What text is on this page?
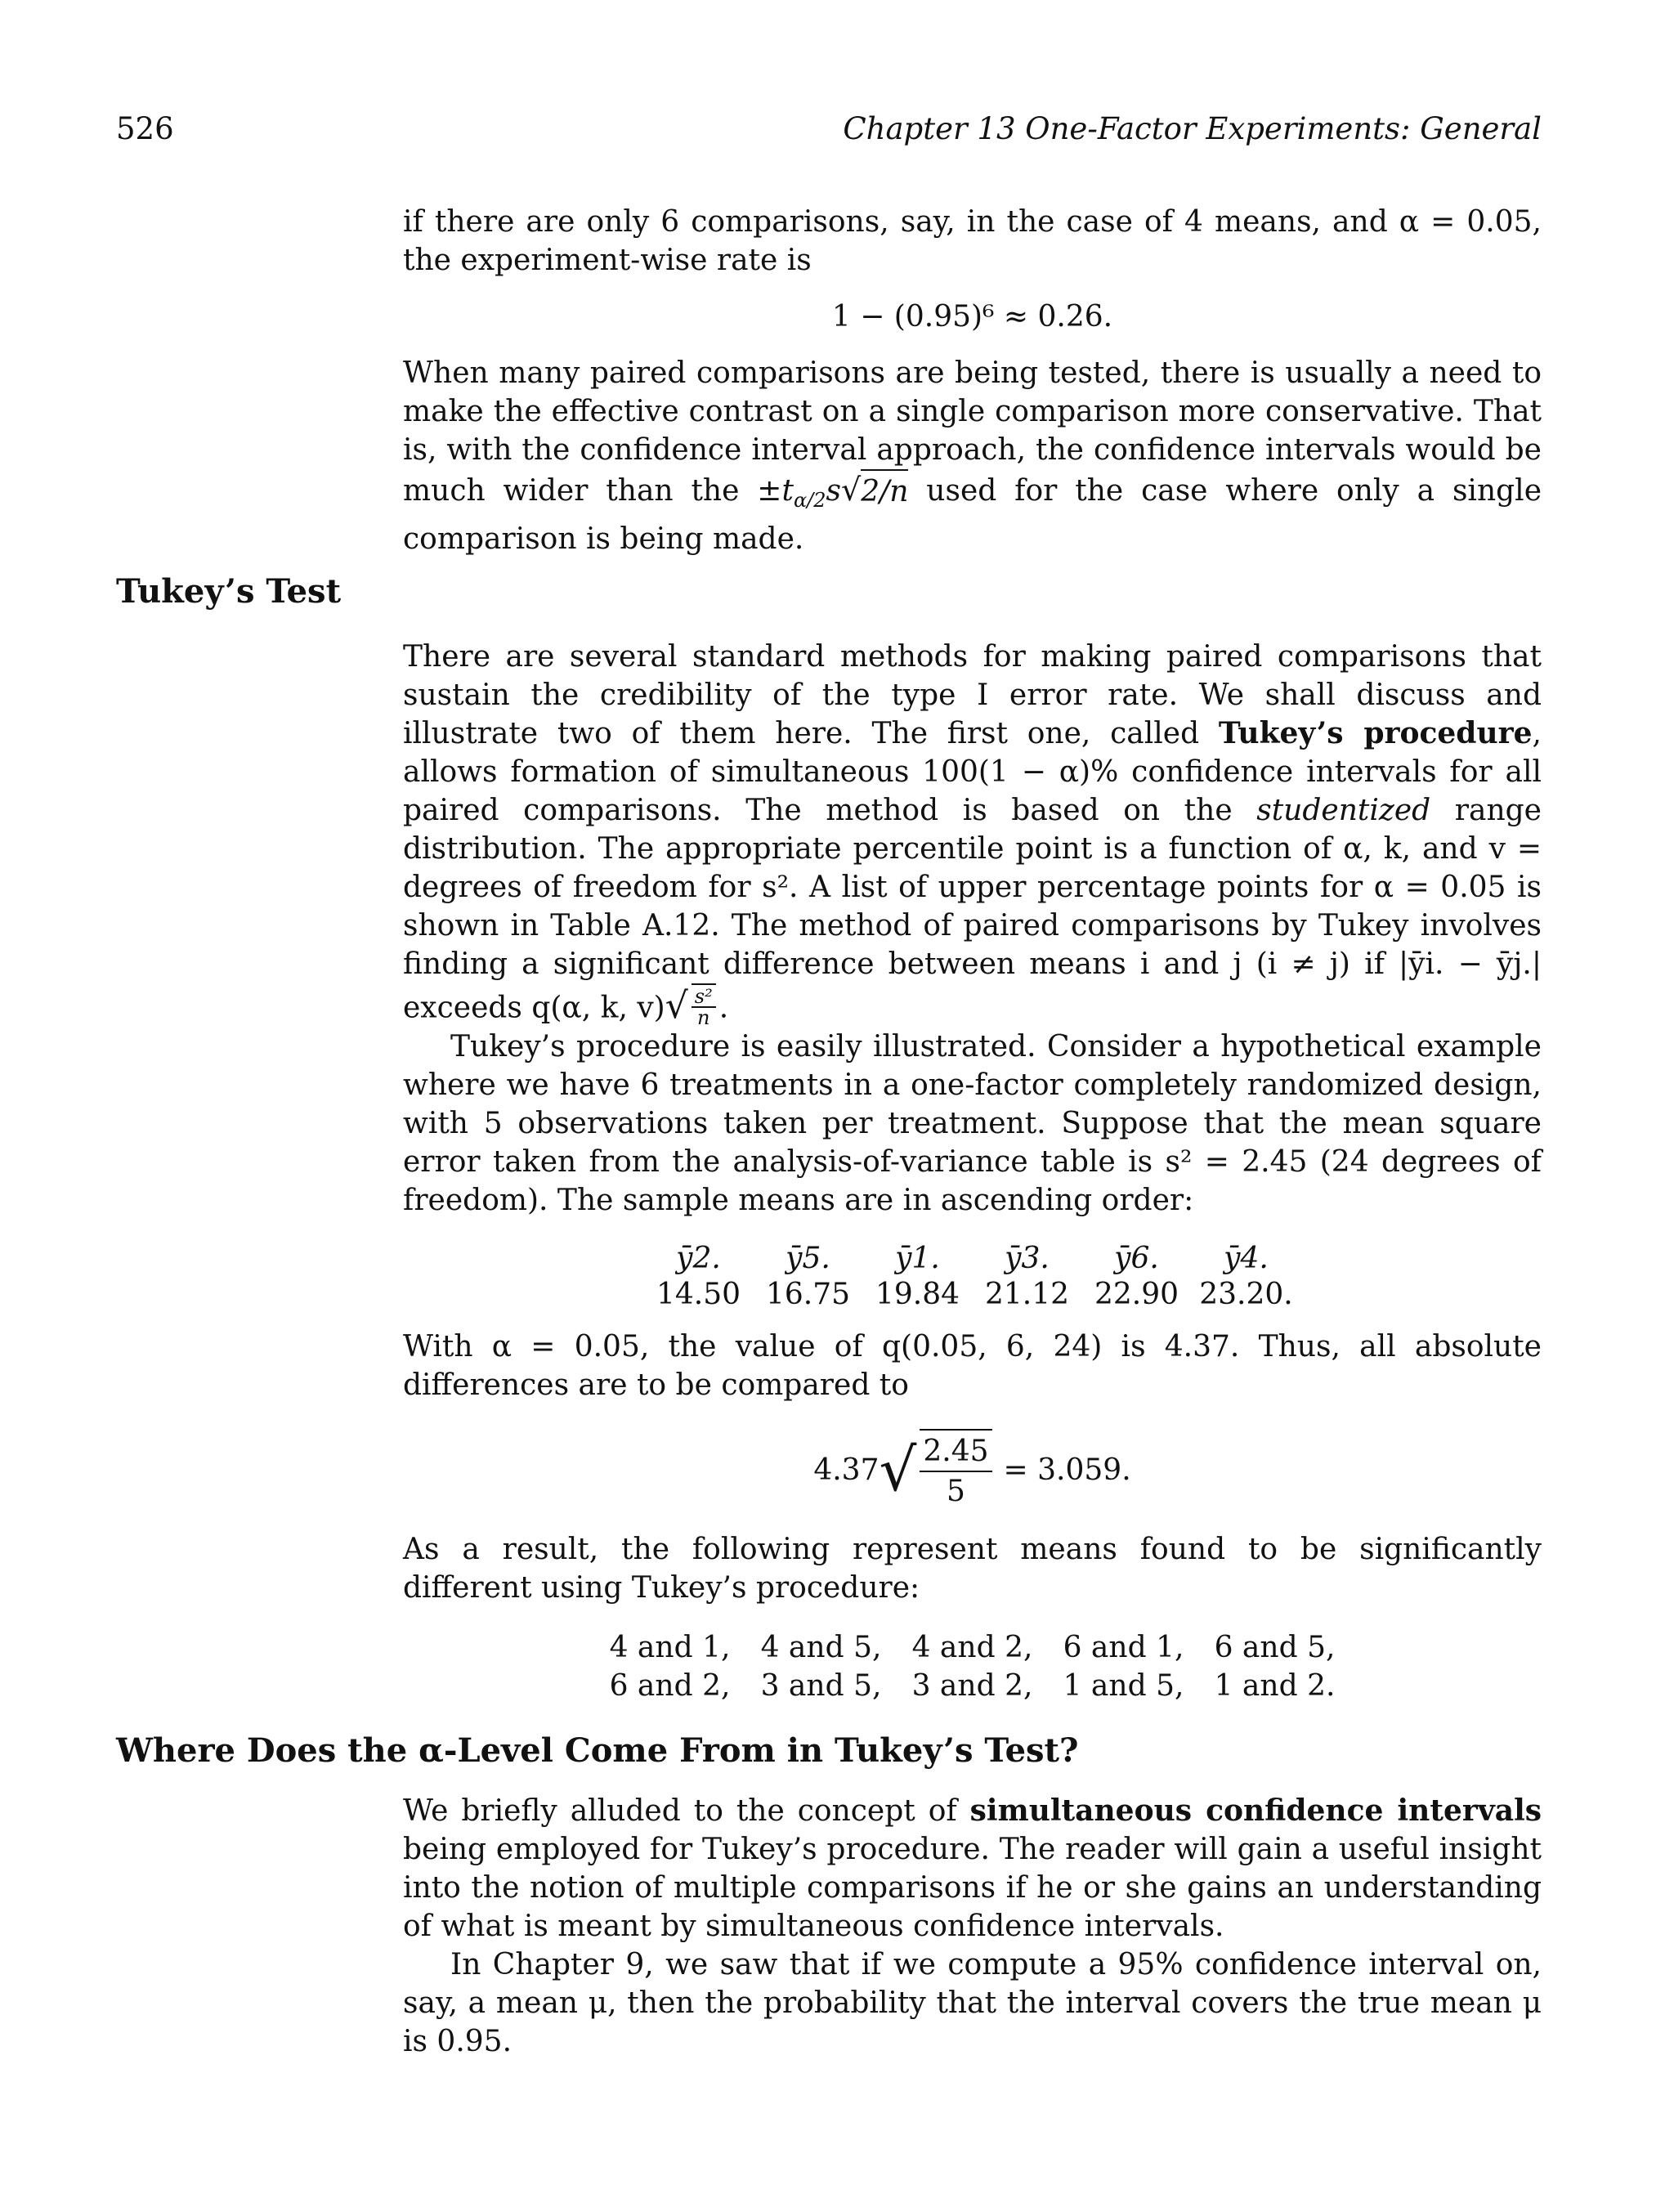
526	Chapter 13 One-Factor Experiments: General

if there are only 6 comparisons, say, in the case of 4 means, and α = 0.05, the experiment-wise rate is

1 − (0.95)⁶ ≈ 0.26.

When many paired comparisons are being tested, there is usually a need to make the effective contrast on a single comparison more conservative. That is, with the confidence interval approach, the confidence intervals would be much wider than the $\pm t_{\alpha/2}s$ √ 2/n used for the case where only a single comparison is being made.

Tukey’s Test

There are several standard methods for making paired comparisons that sustain the credibility of the type I error rate. We shall discuss and illustrate two of them here. The first one, called Tukey’s procedure, allows formation of simultaneous 100(1 − α)% confidence intervals for all paired comparisons. The method is based on the studentized range distribution. The appropriate percentile point is a function of α, k, and v = degrees of freedom for s². A list of upper percentage points for α = 0.05 is shown in Table A.12. The method of paired comparisons by Tukey involves finding a significant difference between means i and j (i ≠ j) if |ȳi. − ȳj.| exceeds q(α, k, v) √ $\frac{\text{s²}}{n}$ .

Tukey’s procedure is easily illustrated. Consider a hypothetical example where we have 6 treatments in a one-factor completely randomized design, with 5 observations taken per treatment. Suppose that the mean square error taken from the analysis-of-variance table is s² = 2.45 (24 degrees of freedom). The sample means are in ascending order:

ȳ2.	ȳ5.	ȳ1.	ȳ3.	ȳ6.	ȳ4.
14.50 16.75 19.84 21.12 22.90 23.20.

With α = 0.05, the value of q(0.05, 6, 24) is 4.37. Thus, all absolute differences are to be compared to

4.37 √ $\frac{2.45}{5} = 3.059$.

As a result, the following represent means found to be significantly different using Tukey’s procedure:

4 and 1,	4 and 5,	4 and 2,	6 and 1,	6 and 5,
6 and 2,	3 and 5,	3 and 2,	1 and 5,	1 and 2.
Where Does the α-Level Come From in Tukey’s Test?

We briefly alluded to the concept of simultaneous confidence intervals being employed for Tukey’s procedure. The reader will gain a useful insight into the notion of multiple comparisons if he or she gains an understanding of what is meant by simultaneous confidence intervals.

In Chapter 9, we saw that if we compute a 95% confidence interval on, say, a mean μ, then the probability that the interval covers the true mean μ is 0.95.
